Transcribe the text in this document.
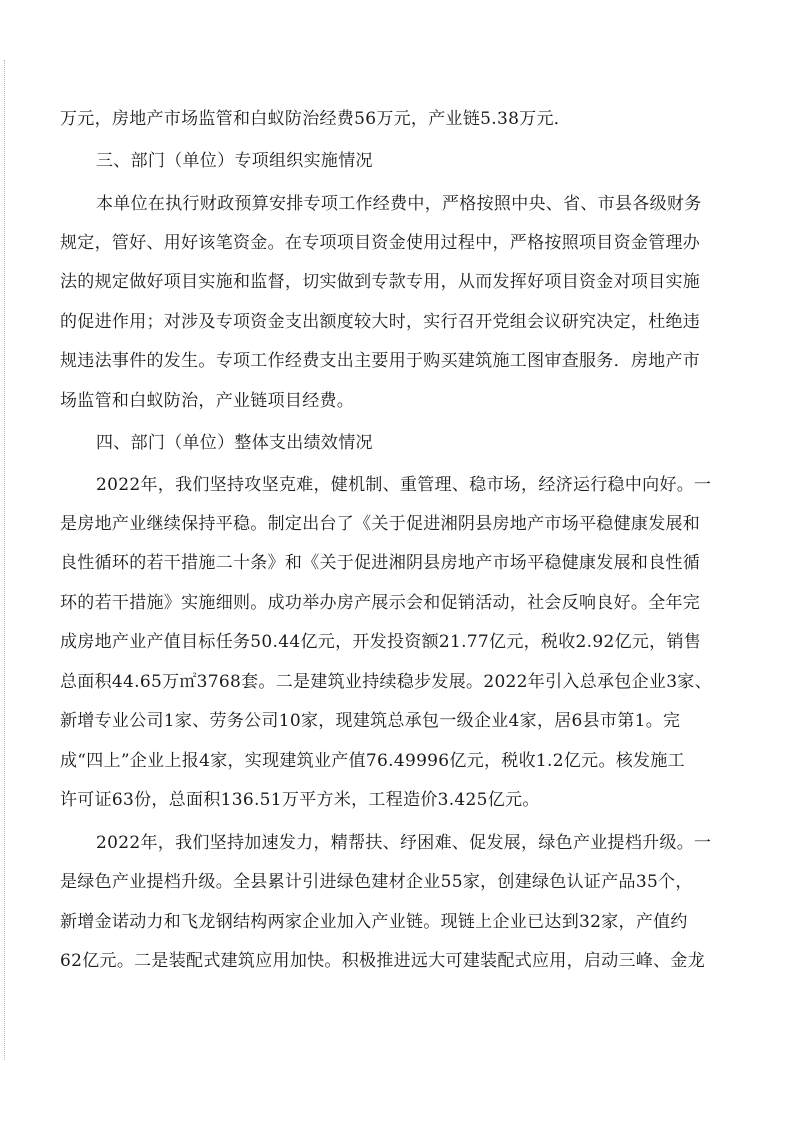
万元，房地产市场监管和白蚁防治经费56万元，产业链5.38万元．
三、部门（单位）专项组织实施情况
本单位在执行财政预算安排专项工作经费中，严格按照中央、省、市县各级财务
规定，管好、用好该笔资金。在专项项目资金使用过程中，严格按照项目资金管理办
法的规定做好项目实施和监督，切实做到专款专用，从而发挥好项目资金对项目实施
的促进作用；对涉及专项资金支出额度较大时，实行召开党组会议研究决定，杜绝违
规违法事件的发生。专项工作经费支出主要用于购买建筑施工图审查服务．房地产市
场监管和白蚁防治，产业链项目经费。
四、部门（单位）整体支出绩效情况
2022年，我们坚持攻坚克难，健机制、重管理、稳市场，经济运行稳中向好。一
是房地产业继续保持平稳。制定出台了《关于促进湘阴县房地产市场平稳健康发展和
良性循环的若干措施二十条》和《关于促进湘阴县房地产市场平稳健康发展和良性循
环的若干措施》实施细则。成功举办房产展示会和促销活动，社会反响良好。全年完
成房地产业产值目标任务50.44亿元，开发投资额21.77亿元，税收2.92亿元，销售
总面积44.65万㎡3768套。二是建筑业持续稳步发展。2022年引入总承包企业3家、
新增专业公司1家、劳务公司10家，现建筑总承包一级企业4家，居6县市第1。完
成“四上”企业上报4家，实现建筑业产值76.49996亿元，税收1.2亿元。核发施工
许可证63份，总面积136.51万平方米，工程造价3.425亿元。
2022年，我们坚持加速发力，精帮扶、纾困难、促发展，绿色产业提档升级。一
是绿色产业提档升级。全县累计引进绿色建材企业55家，创建绿色认证产品35个，
新增金诺动力和飞龙钢结构两家企业加入产业链。现链上企业已达到32家，产值约
62亿元。二是装配式建筑应用加快。积极推进远大可建装配式应用，启动三峰、金龙
